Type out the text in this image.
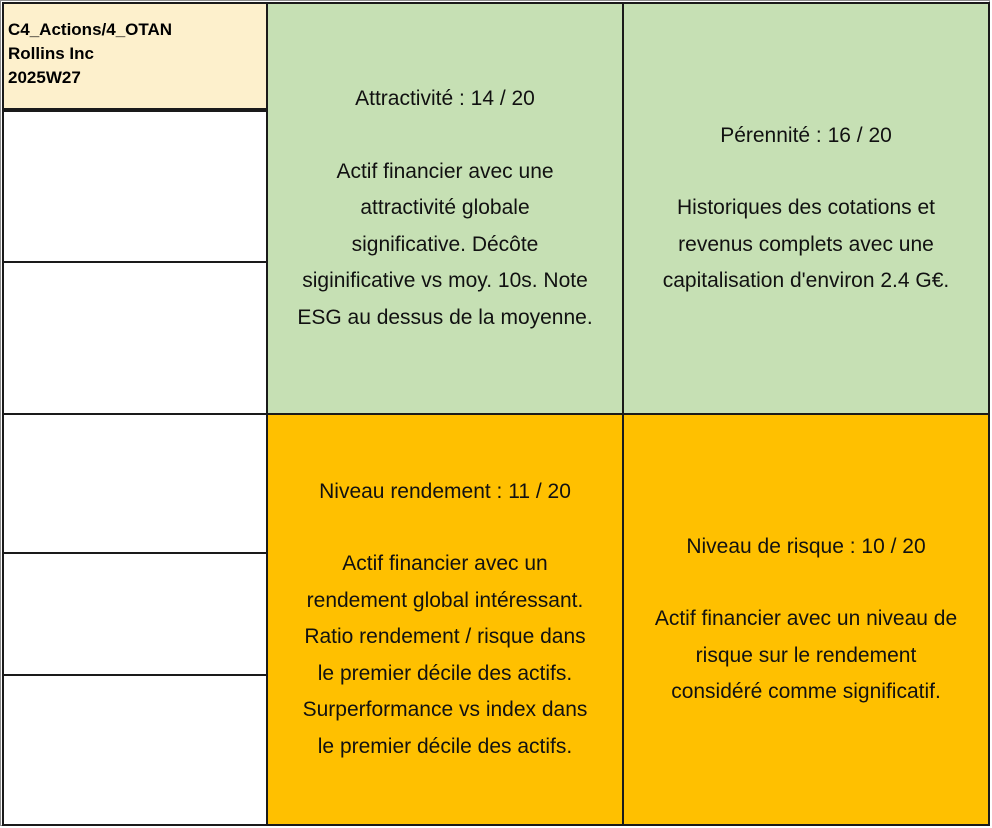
C4_Actions/4_OTAN
Rollins Inc
2025W27
Attractivité : 14 / 20
Actif financier avec une
attractivité globale
significative. Décôte
siginificative vs moy. 10s. Note
ESG au dessus de la moyenne.
Pérennité : 16 / 20
Historiques des cotations et
revenus complets avec une
capitalisation d'environ 2.4 G€.
Niveau rendement : 11 / 20
Actif financier avec un
rendement global intéressant.
Ratio rendement / risque dans
le premier décile des actifs.
Surperformance vs index dans
le premier décile des actifs.
Niveau de risque : 10 / 20
Actif financier avec un niveau de
risque sur le rendement
considéré comme significatif.
